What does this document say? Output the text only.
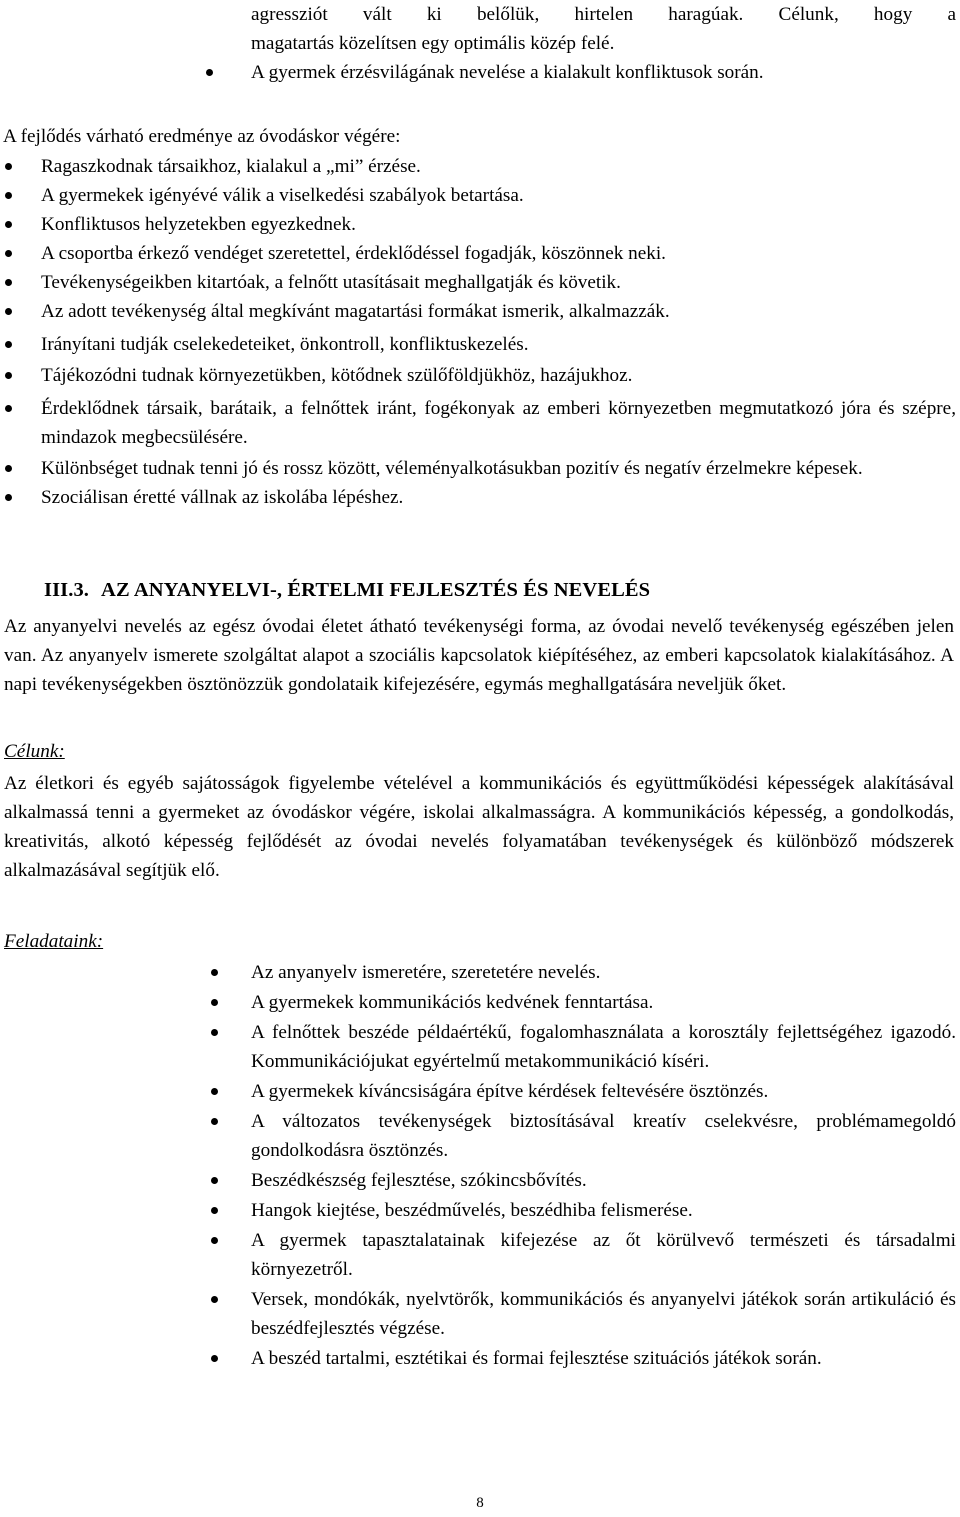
agressziót vált ki belőlük, hirtelen haragúak. Célunk, hogy a
magatartás közelítsen egy optimális közép felé.
A gyermek érzésvilágának nevelése a kialakult konfliktusok során.
A fejlődés várható eredménye az óvodáskor végére:
Ragaszkodnak társaikhoz, kialakul a „mi” érzése.
A gyermekek igényévé válik a viselkedési szabályok betartása.
Konfliktusos helyzetekben egyezkednek.
A csoportba érkező vendéget szeretettel, érdeklődéssel fogadják, köszönnek neki.
Tevékenységeikben kitartóak, a felnőtt utasításait meghallgatják és követik.
Az adott tevékenység által megkívánt magatartási formákat ismerik, alkalmazzák.
Irányítani tudják cselekedeteiket, önkontroll, konfliktuskezelés.
Tájékozódni tudnak környezetükben, kötődnek szülőföldjükhöz, hazájukhoz.
Érdeklődnek társaik, barátaik, a felnőttek iránt, fogékonyak az emberi környezetben megmutatkozó jóra és szépre, mindazok megbecsülésére.
Különbséget tudnak tenni jó és rossz között, véleményalkotásukban pozitív és negatív érzelmekre képesek.
Szociálisan éretté vállnak az iskolába lépéshez.
III.3. AZ ANYANYELVI-, ÉRTELMI FEJLESZTÉS ÉS NEVELÉS

Az anyanyelvi nevelés az egész óvodai életet átható tevékenységi forma, az óvodai nevelő tevékenység egészében jelen van. Az anyanyelv ismerete szolgáltat alapot a szociális kapcsolatok kiépítéséhez, az emberi kapcsolatok kialakításához. A napi tevékenységekben ösztönözzük gondolataik kifejezésére, egymás meghallgatására neveljük őket.

Célunk:

Az életkori és egyéb sajátosságok figyelembe vételével a kommunikációs és együttműködési képességek alakításával alkalmassá tenni a gyermeket az óvodáskor végére, iskolai alkalmasságra. A kommunikációs képesség, a gondolkodás, kreativitás, alkotó képesség fejlődését az óvodai nevelés folyamatában tevékenységek és különböző módszerek alkalmazásával segítjük elő.

Feladataink:
Az anyanyelv ismeretére, szeretetére nevelés.
A gyermekek kommunikációs kedvének fenntartása.
A felnőttek beszéde példaértékű, fogalomhasználata a korosztály fejlettségéhez igazodó. Kommunikációjukat egyértelmű metakommunikáció kíséri.
A gyermekek kíváncsiságára építve kérdések feltevésére ösztönzés.
A változatos tevékenységek biztosításával kreatív cselekvésre, problémamegoldó gondolkodásra ösztönzés.
Beszédkészség fejlesztése, szókincsbővítés.
Hangok kiejtése, beszédművelés, beszédhiba felismerése.
A gyermek tapasztalatainak kifejezése az őt körülvevő természeti és társadalmi környezetről.
Versek, mondókák, nyelvtörők, kommunikációs és anyanyelvi játékok során artikuláció és beszédfejlesztés végzése.
A beszéd tartalmi, esztétikai és formai fejlesztése szituációs játékok során.
8
